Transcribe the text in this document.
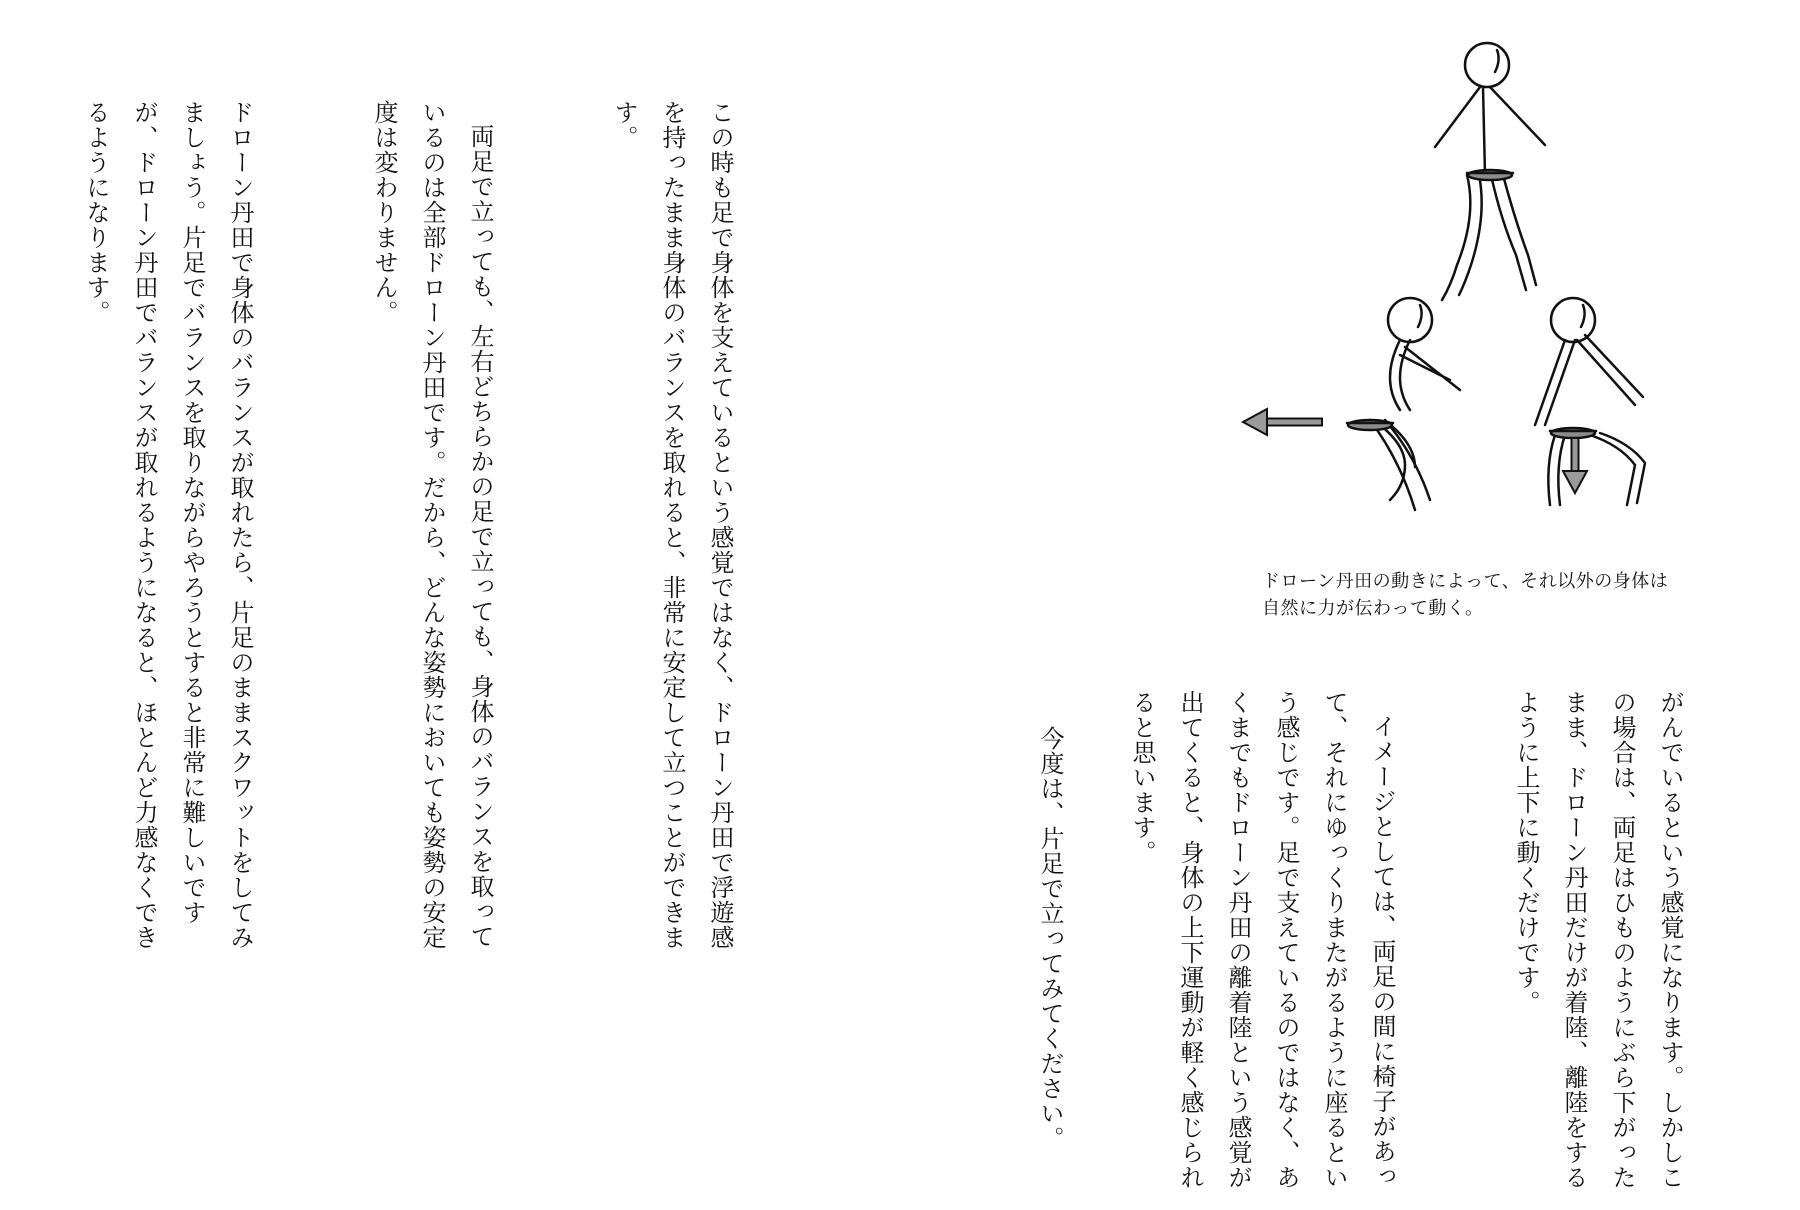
この時も足で身体を支えているという感覚ではなく、ドローン丹田で浮遊感を持ったまま身体のバランスを取れると、非常に安定して立つことができます。

両足で立っても、左右どちらかの足で立っても、身体のバランスを取っているのは全部ドローン丹田です。だから、どんな姿勢においても姿勢の安定度は変わりません。

ドローン丹田で身体のバランスが取れたら、片足のままスクワットをしてみましょう。片足でバランスを取りながらやろうとすると非常に難しいですが、ドローン丹田でバランスが取れるようになると、ほとんど力感なくできるようになります。

ドローン丹田の動きによって、それ以外の身体は自然に力が伝わって動く。

がんでいるという感覚になります。しかしこの場合は、両足はひものようにぶら下がったまま、ドローン丹田だけが着陸、離陸をするように上下に動くだけです。

イメージとしては、両足の間に椅子があって、それにゆっくりまたがるように座るという感じです。足で支えているのではなく、あくまでもドローン丹田の離着陸という感覚が出てくると、身体の上下運動が軽く感じられると思います。

今度は、片足で立ってみてください。
